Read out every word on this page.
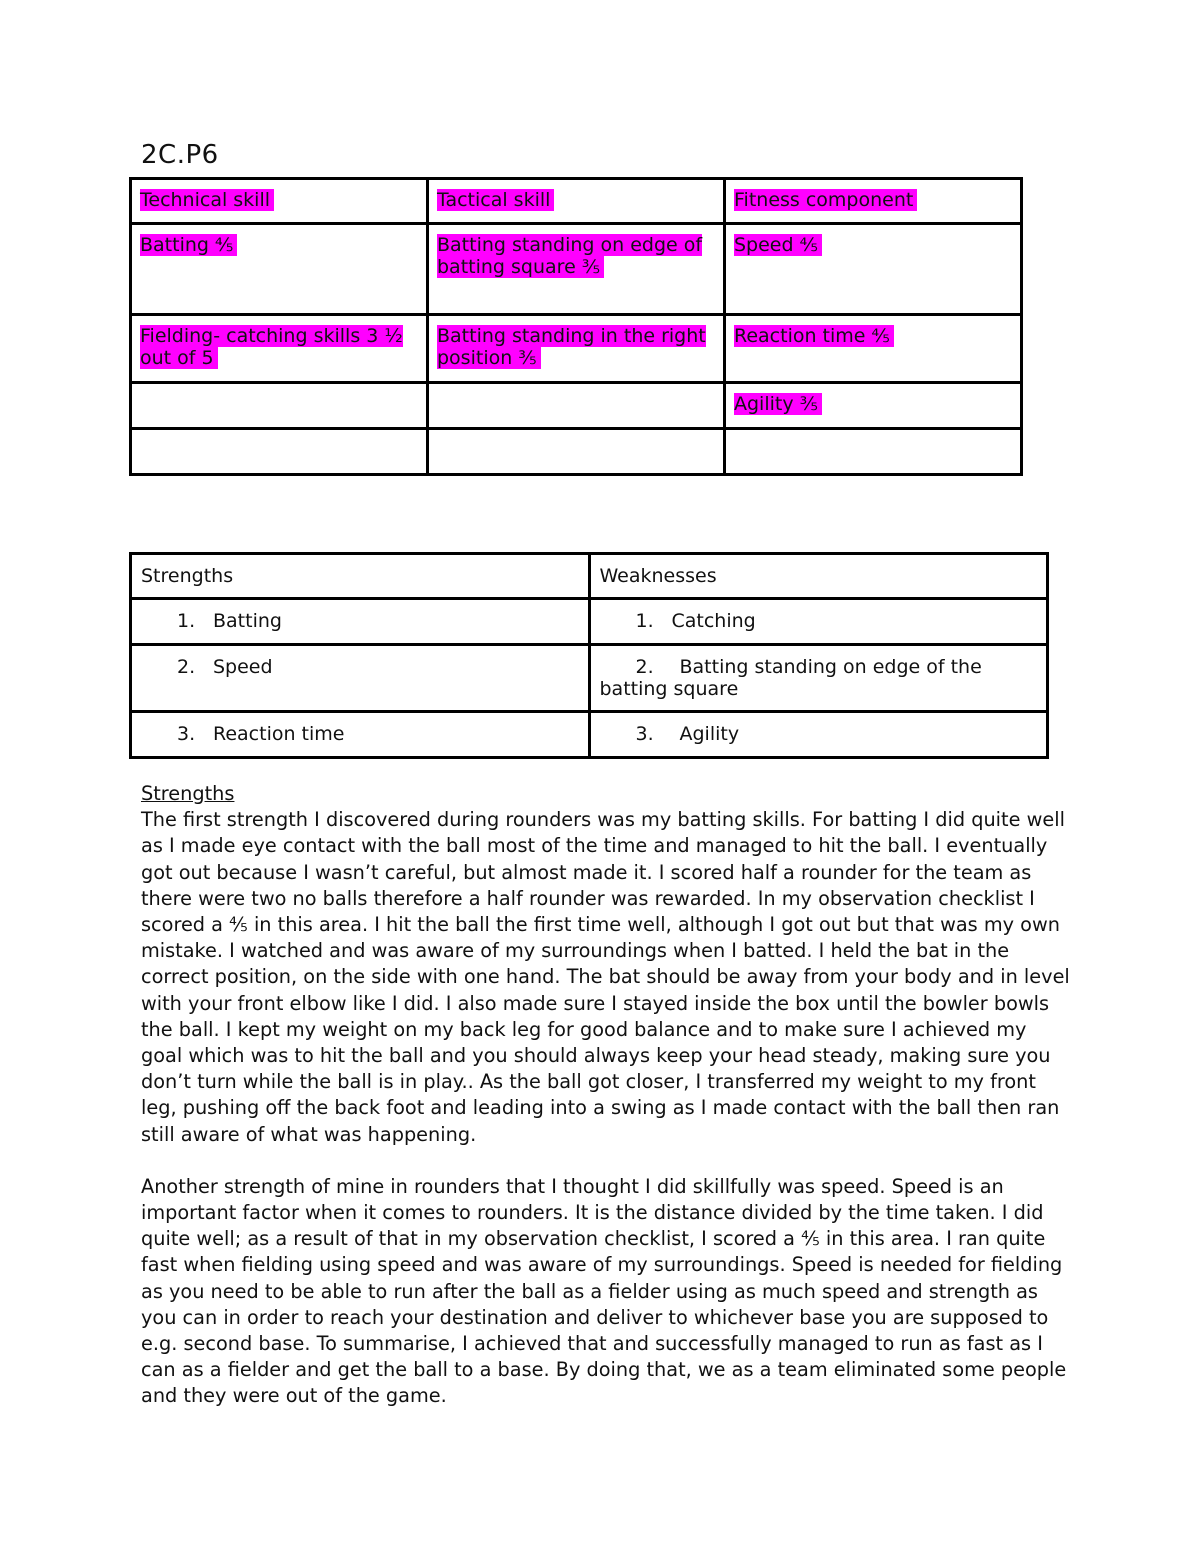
2C.P6
Technical skill	Tactical skill	Fitness component
Batting ⅘	Batting standing on edge of batting square ⅗	Speed ⅘
Fielding- catching skills 3 ½ out of 5	Batting standing in the right position ⅗	Reaction time ⅘
		Agility ⅗

Strengths	Weaknesses
1. Batting	1. Catching
2. Speed	2. Batting standing on edge of the batting square
3. Reaction time	3. Agility

Strengths

The first strength I discovered during rounders was my batting skills. For batting I did quite well as I made eye contact with the ball most of the time and managed to hit the ball. I eventually got out because I wasn’t careful, but almost made it. I scored half a rounder for the team as there were two no balls therefore a half rounder was rewarded. In my observation checklist I scored a ⅘ in this area. I hit the ball the first time well, although I got out but that was my own mistake. I watched and was aware of my surroundings when I batted. I held the bat in the correct position, on the side with one hand. The bat should be away from your body and in level with your front elbow like I did. I also made sure I stayed inside the box until the bowler bowls the ball. I kept my weight on my back leg for good balance and to make sure I achieved my goal which was to hit the ball and you should always keep your head steady, making sure you don’t turn while the ball is in play.. As the ball got closer, I transferred my weight to my front leg, pushing off the back foot and leading into a swing as I made contact with the ball then ran still aware of what was happening.

Another strength of mine in rounders that I thought I did skillfully was speed. Speed is an important factor when it comes to rounders. It is the distance divided by the time taken. I did quite well; as a result of that in my observation checklist, I scored a ⅘ in this area. I ran quite fast when fielding using speed and was aware of my surroundings. Speed is needed for fielding as you need to be able to run after the ball as a fielder using as much speed and strength as you can in order to reach your destination and deliver to whichever base you are supposed to e.g. second base. To summarise, I achieved that and successfully managed to run as fast as I can as a fielder and get the ball to a base. By doing that, we as a team eliminated some people and they were out of the game.
